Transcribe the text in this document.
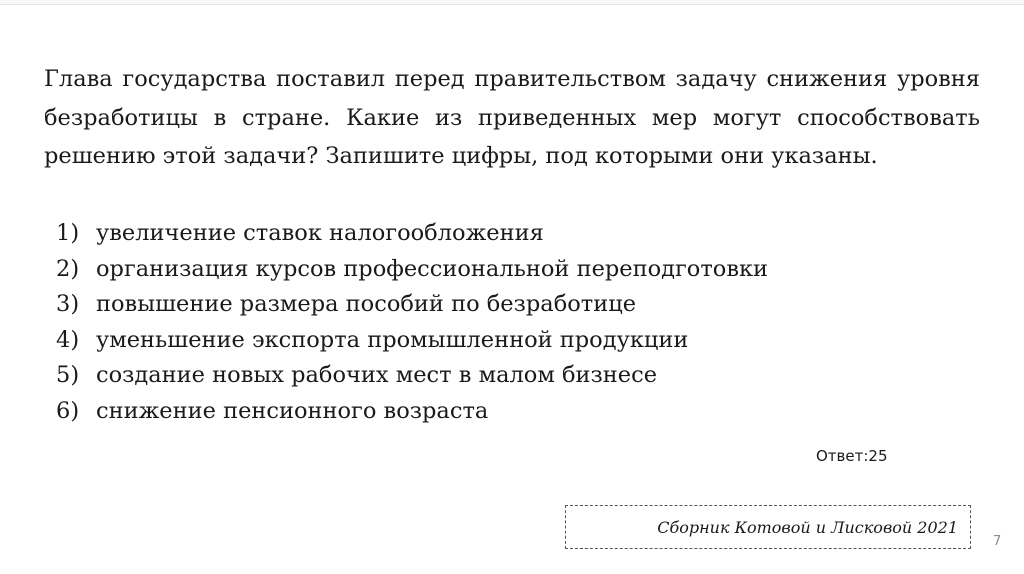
Глава государства поставил перед правительством задачу снижения уровня безработицы в стране. Какие из приведенных мер могут способствовать решению этой задачи? Запишите цифры, под которыми они указаны.

1) увеличение ставок налогообложения
2) организация курсов профессиональной переподготовки
3) повышение размера пособий по безработице
4) уменьшение экспорта промышленной продукции
5) создание новых рабочих мест в малом бизнесе
6) снижение пенсионного возраста
Ответ:25
Сборник Котовой и Лисковой 2021
7
